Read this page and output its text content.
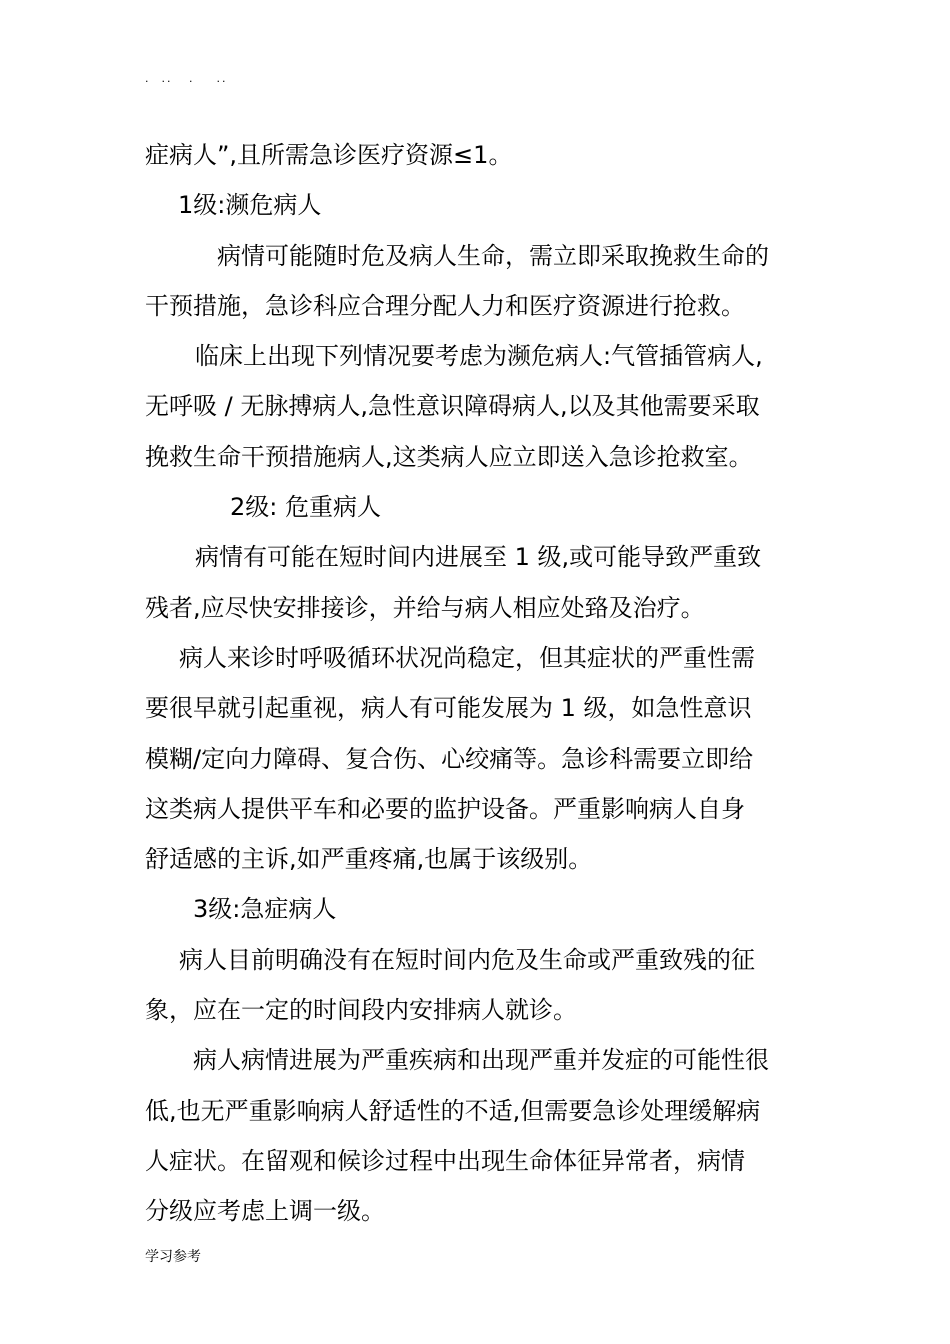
.  ..   .    ..
症病人”,且所需急诊医疗资源≤1。
1级:濒危病人
病情可能随时危及病人生命，需立即采取挽救生命的
干预措施，急诊科应合理分配人力和医疗资源进行抢救。
临床上出现下列情况要考虑为濒危病人:气管插管病人,
无呼吸 / 无脉搏病人,急性意识障碍病人,以及其他需要采取
挽救生命干预措施病人,这类病人应立即送入急诊抢救室。
2级: 危重病人
病情有可能在短时间内进展至 1 级,或可能导致严重致
残者,应尽快安排接诊，并给与病人相应处臵及治疗。
病人来诊时呼吸循环状况尚稳定，但其症状的严重性需
要很早就引起重视，病人有可能发展为 1 级，如急性意识
模糊/定向力障碍、复合伤、心绞痛等。急诊科需要立即给
这类病人提供平车和必要的监护设备。严重影响病人自身
舒适感的主诉,如严重疼痛,也属于该级别。
3级:急症病人
病人目前明确没有在短时间内危及生命或严重致残的征
象，应在一定的时间段内安排病人就诊。
病人病情进展为严重疾病和出现严重并发症的可能性很
低,也无严重影响病人舒适性的不适,但需要急诊处理缓解病
人症状。在留观和候诊过程中出现生命体征异常者，病情
分级应考虑上调一级。
学习参考
